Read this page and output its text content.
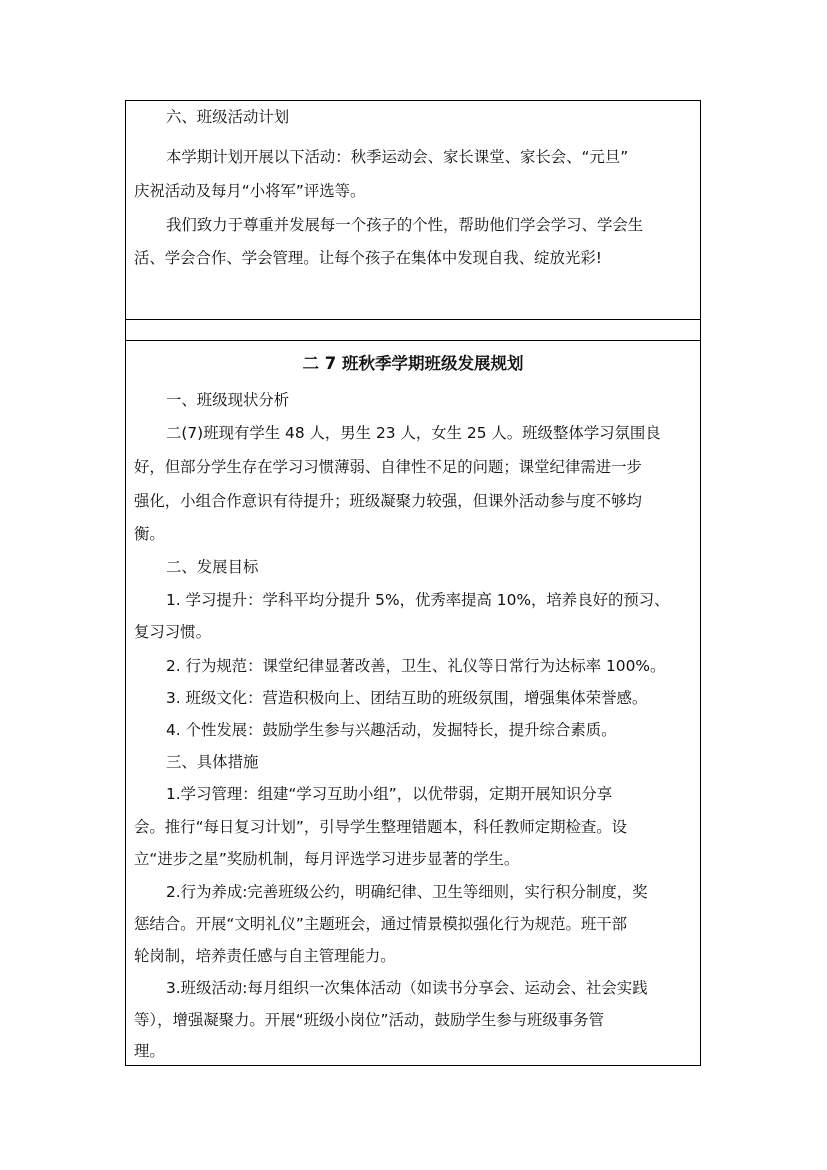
六、班级活动计划
本学期计划开展以下活动：秋季运动会、家长课堂、家长会、“元旦”
庆祝活动及每月“小将军”评选等。
我们致力于尊重并发展每一个孩子的个性，帮助他们学会学习、学会生
活、学会合作、学会管理。让每个孩子在集体中发现自我、绽放光彩!
二 7 班秋季学期班级发展规划
一、班级现状分析
二(7)班现有学生 48 人，男生 23 人，女生 25 人。班级整体学习氛围良
好，但部分学生存在学习习惯薄弱、自律性不足的问题；课堂纪律需进一步
强化，小组合作意识有待提升；班级凝聚力较强，但课外活动参与度不够均
衡。
二、发展目标
1. 学习提升：学科平均分提升 5%，优秀率提高 10%，培养良好的预习、
复习习惯。
2. 行为规范：课堂纪律显著改善，卫生、礼仪等日常行为达标率 100%。
3. 班级文化：营造积极向上、团结互助的班级氛围，增强集体荣誉感。
4. 个性发展：鼓励学生参与兴趣活动，发掘特长，提升综合素质。
三、具体措施
1.学习管理：组建“学习互助小组”，以优带弱，定期开展知识分享
会。推行“每日复习计划”，引导学生整理错题本，科任教师定期检查。设
立“进步之星”奖励机制，每月评选学习进步显著的学生。
2.行为养成:完善班级公约，明确纪律、卫生等细则，实行积分制度，奖
惩结合。开展“文明礼仪”主题班会，通过情景模拟强化行为规范。班干部
轮岗制，培养责任感与自主管理能力。
3.班级活动:每月组织一次集体活动（如读书分享会、运动会、社会实践
等），增强凝聚力。开展“班级小岗位”活动，鼓励学生参与班级事务管
理。
